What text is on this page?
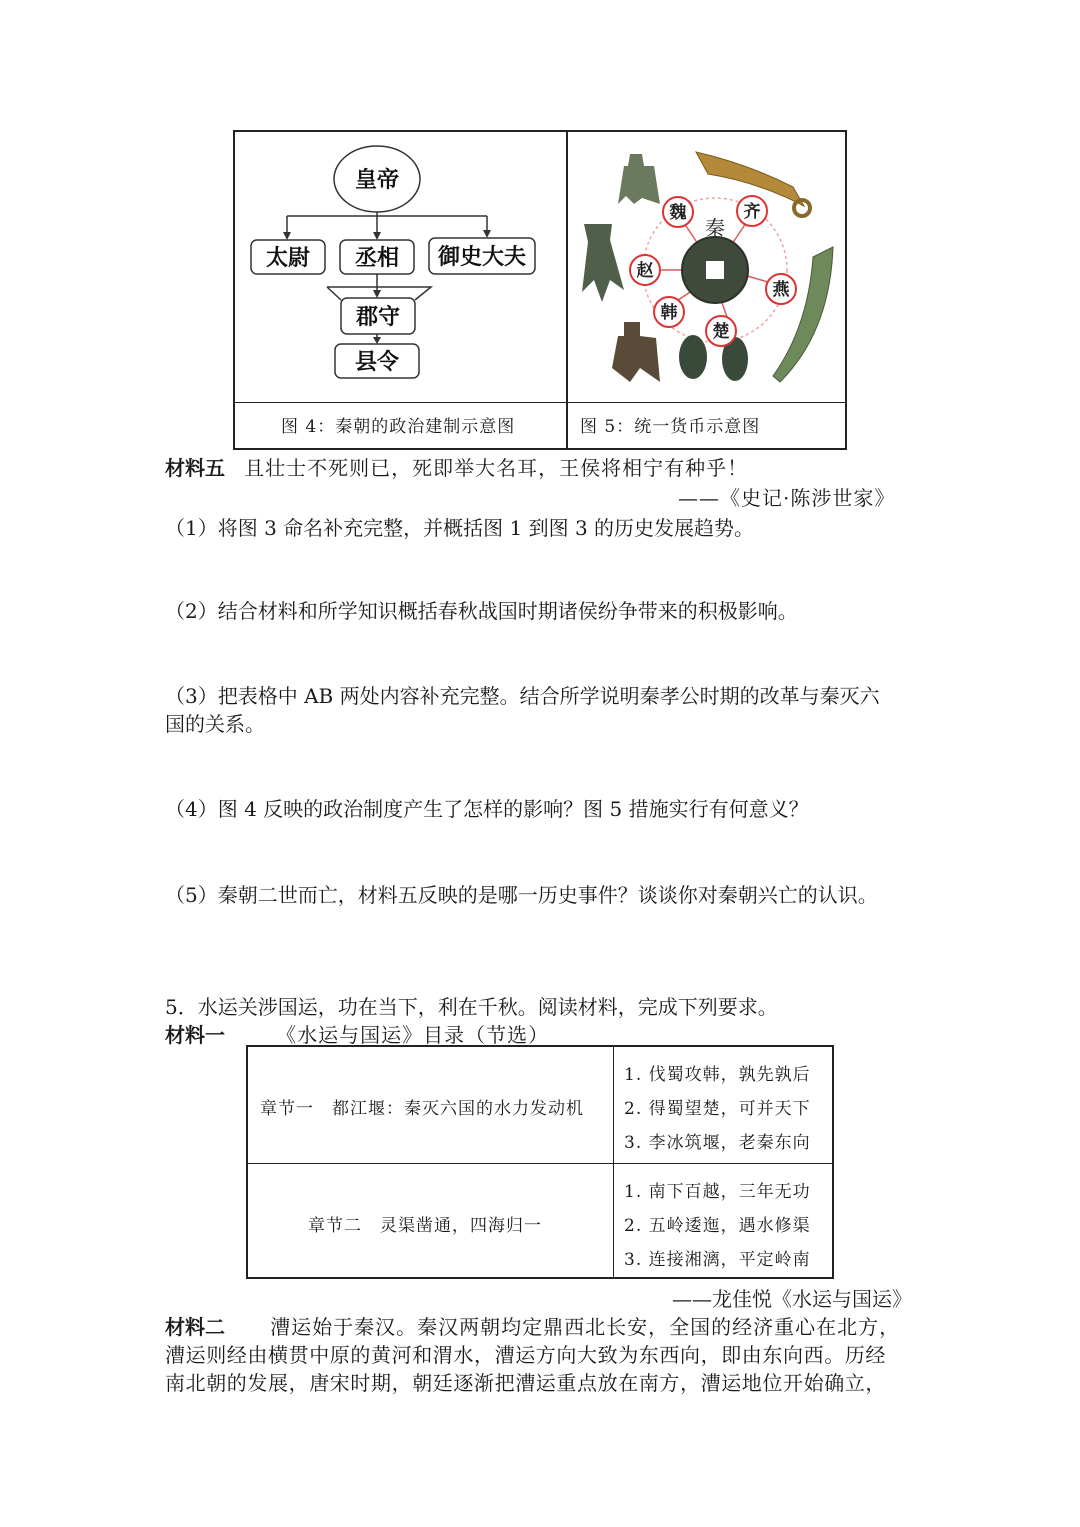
皇帝
太尉 丞相 御史大夫
郡守
县令
秦
魏	齐
赵
燕
韩
楚
图 4：秦朝的政治建制示意图	图 5：统一货币示意图
材料五 且壮士不死则已，死即举大名耳，王侯将相宁有种乎！
——《史记·陈涉世家》
（1）将图 3 命名补充完整，并概括图 1 到图 3 的历史发展趋势。
（2）结合材料和所学知识概括春秋战国时期诸侯纷争带来的积极影响。
（3）把表格中 AB 两处内容补充完整。结合所学说明秦孝公时期的改革与秦灭六
国的关系。
（4）图 4 反映的政治制度产生了怎样的影响？图 5 措施实行有何意义？
（5）秦朝二世而亡，材料五反映的是哪一历史事件？谈谈你对秦朝兴亡的认识。
5．水运关涉国运，功在当下，利在千秋。阅读材料，完成下列要求。
材料一	《水运与国运》目录（节选）
章节一　都江堰：秦灭六国的水力发动机
1. 伐蜀攻韩，孰先孰后
2. 得蜀望楚，可并天下
3. 李冰筑堰，老秦东向
章节二　灵渠凿通，四海归一
1. 南下百越，三年无功
2. 五岭逶迤，遇水修渠
3. 连接湘漓，平定岭南
——龙佳悦《水运与国运》
材料二 漕运始于秦汉。秦汉两朝均定鼎西北长安，全国的经济重心在北方，
漕运则经由横贯中原的黄河和渭水，漕运方向大致为东西向，即由东向西。历经
南北朝的发展，唐宋时期，朝廷逐渐把漕运重点放在南方，漕运地位开始确立，
